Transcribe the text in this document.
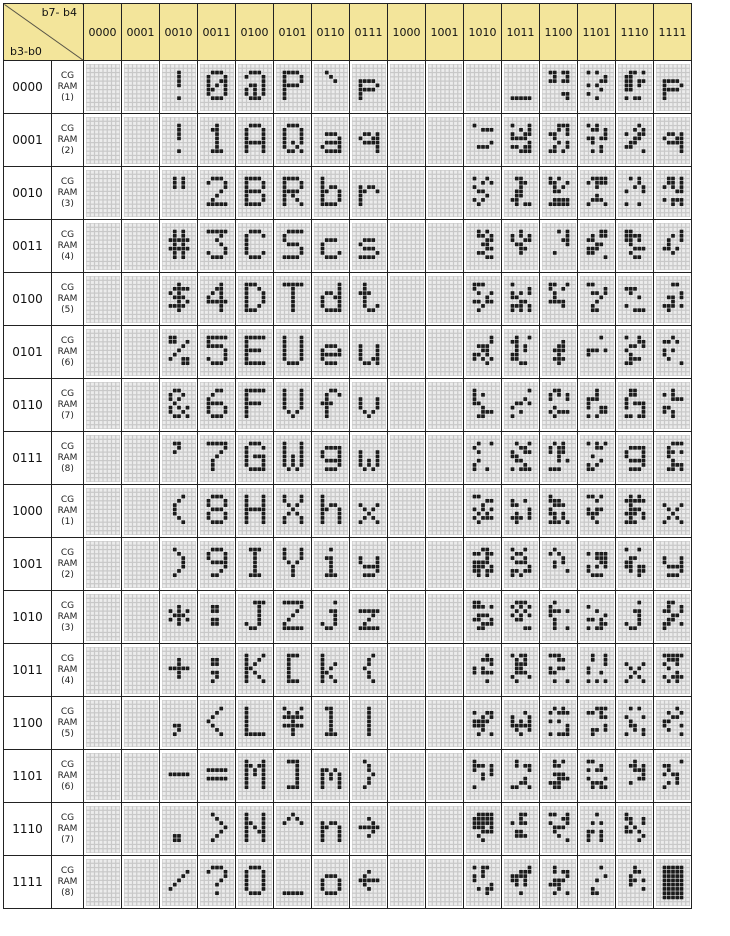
b7- b4
b3-b0		0000	0001	0010	0011	0100	0101	0110	0111	1000	1001	1010	1011	1100	1101	1110	1111
0000	CG
RAM
(1)

0001	CG
RAM
(2)

0010	CG
RAM
(3)

0011	CG
RAM
(4)

0100	CG
RAM
(5)

0101	CG
RAM
(6)

0110	CG
RAM
(7)

0111	CG
RAM
(8)

1000	CG
RAM
(1)

1001	CG
RAM
(2)

1010	CG
RAM
(3)

1011	CG
RAM
(4)

1100	CG
RAM
(5)

1101	CG
RAM
(6)

1110	CG
RAM
(7)

1111	CG
RAM
(8)
